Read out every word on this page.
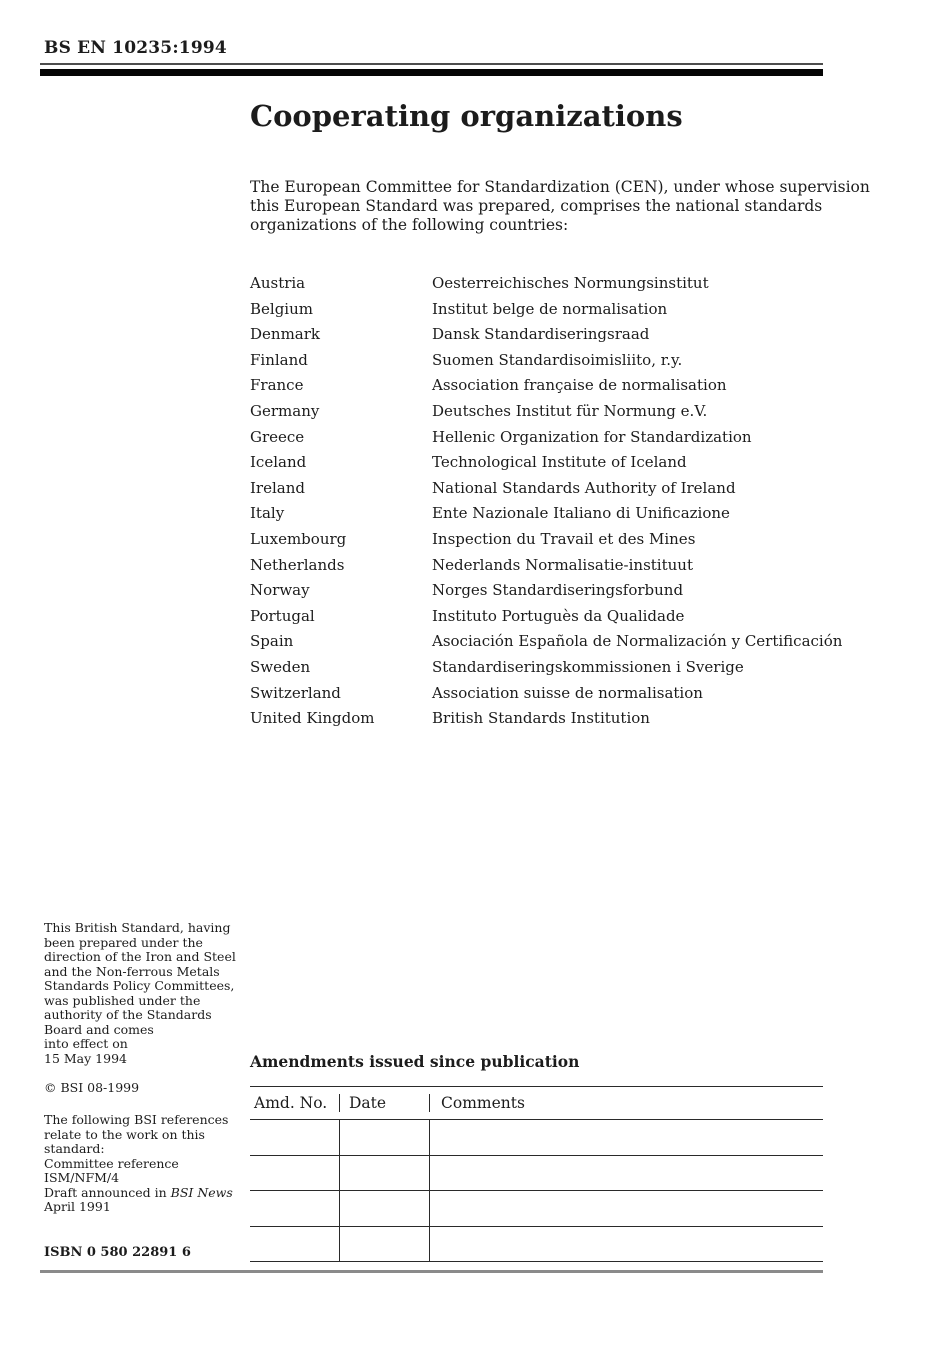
BS EN 10235:1994
Cooperating organizations
The European Committee for Standardization (CEN), under whose supervision
this European Standard was prepared, comprises the national standards
organizations of the following countries:
Austria	Oesterreichisches Normungsinstitut
Belgium	Institut belge de normalisation
Denmark	Dansk Standardiseringsraad
Finland	Suomen Standardisoimisliito, r.y.
France	Association française de normalisation
Germany	Deutsches Institut für Normung e.V.
Greece	Hellenic Organization for Standardization
Iceland	Technological Institute of Iceland
Ireland	National Standards Authority of Ireland
Italy	Ente Nazionale Italiano di Unificazione
Luxembourg	Inspection du Travail et des Mines
Netherlands	Nederlands Normalisatie-instituut
Norway	Norges Standardiseringsforbund
Portugal	Instituto Portuguès da Qualidade
Spain	Asociación Española de Normalización y Certificación
Sweden	Standardiseringskommissionen i Sverige
Switzerland	Association suisse de normalisation
United Kingdom	British Standards Institution
This British Standard, having
been prepared under the
direction of the Iron and Steel
and the Non-ferrous Metals
Standards Policy Committees,
was published under the
authority of the Standards
Board and comes
into effect on
15 May 1994
© BSI 08-1999
The following BSI references
relate to the work on this
standard:
Committee reference
ISM/NFM/4
Draft announced in BSI News
April 1991
ISBN 0 580 22891 6
Amendments issued since publication
Amd. No.	Date	Comments
